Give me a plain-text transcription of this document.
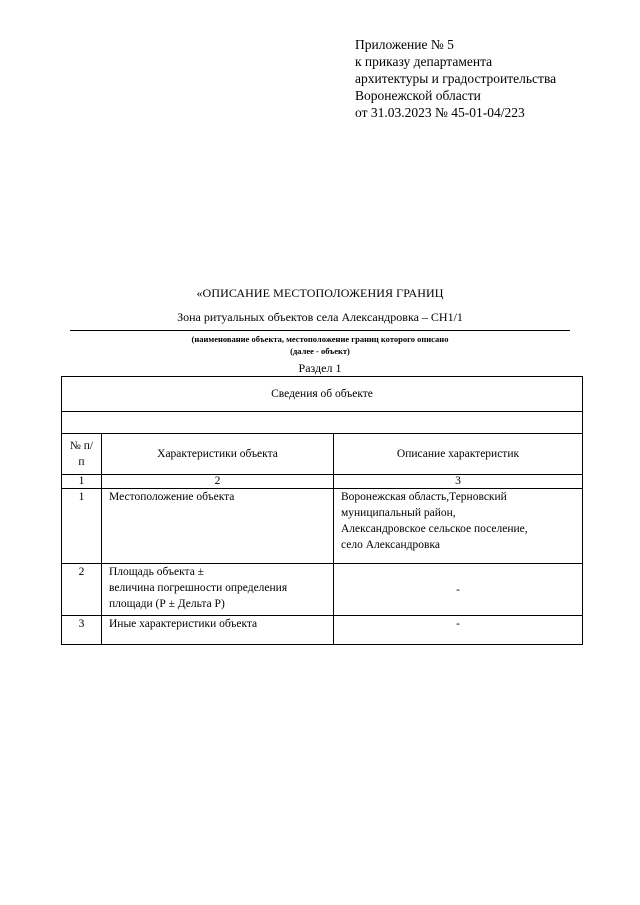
Приложение № 5
к приказу департамента
архитектуры и градостроительства
Воронежской области
от 31.03.2023 № 45-01-04/223
«ОПИСАНИЕ МЕСТОПОЛОЖЕНИЯ ГРАНИЦ
Зона ритуальных объектов села Александровка – СН1/1
(наименование объекта, местоположение границ которого описано
(далее - объект)
Раздел 1
Сведения об объекте		

№ п/п	Характеристики объекта	Описание характеристик
1	2	3
1	Местоположение объекта	Воронежская область,Терновский
муниципальный район,
Александровское сельское поселение,
село Александровка

2	Площадь объекта ±
величина погрешности определения
площади (Р ± Дельта Р)	-
3	Иные характеристики объекта	-
